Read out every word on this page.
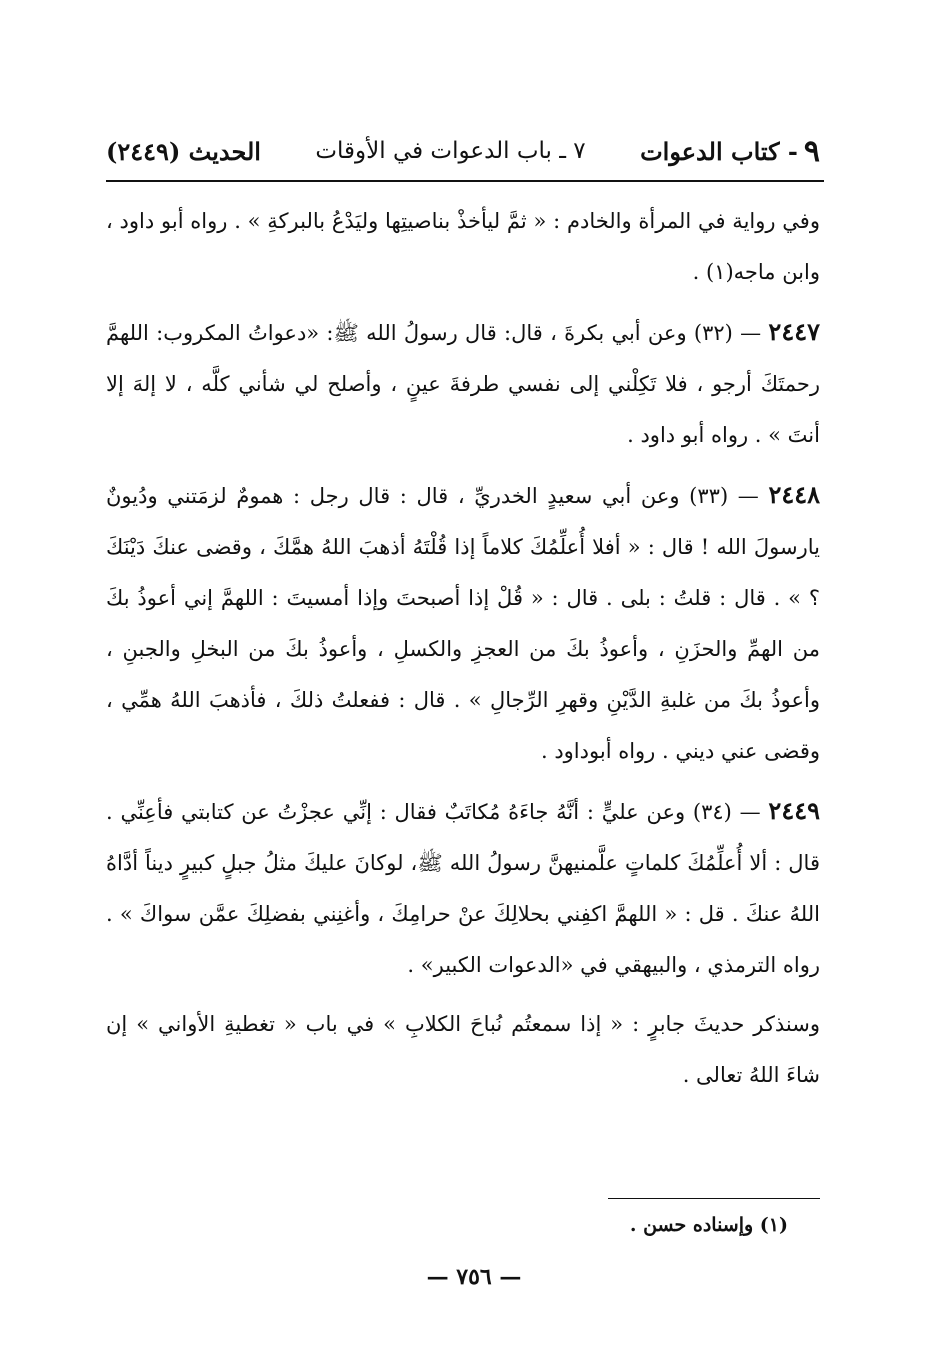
٩
- كتاب الدعوات
٧ ـ باب الدعوات في الأوقات
الحديث (٢٤٤٩)

وفي رواية في المرأة والخادم : « ثمَّ ليأخذْ بناصيتِها وليَدْعُ بالبركةِ » . رواه أبو داود ، وابن ماجه(١) .

٢٤٤٧ — (٣٢) وعن أبي بكرةَ ، قال: قال رسولُ الله ﷺ: «دعواتُ المكروب: اللهمَّ رحمتَكَ أرجو ، فلا تَكِلْني إلى نفسي طرفةَ عينٍ ، وأصلح لي شأني كلَّه ، لا إلهَ إلا أنتَ » . رواه أبو داود .

٢٤٤٨ — (٣٣) وعن أبي سعيدٍ الخدريِّ ، قال : قال رجل : همومٌ لزمَتني ودُيونٌ يارسولَ الله ! قال : « أفلا أُعلِّمُكَ كلاماً إذا قُلْتَهُ أذهبَ اللهُ همَّكَ ، وقضى عنكَ دَيْنَكَ ؟ » . قال : قلتُ : بلى . قال : « قُلْ إذا أصبحتَ وإذا أمسيتَ : اللهمَّ إني أعوذُ بكَ من الهمِّ والحزَنِ ، وأعوذُ بكَ من العجزِ والكسلِ ، وأعوذُ بكَ من البخلِ والجبنِ ، وأعوذُ بكَ من غلبةِ الدَّيْنِ وقهرِ الرِّجالِ » . قال : ففعلتُ ذلكَ ، فأذهبَ اللهُ همِّي ، وقضى عني ديني . رواه أبوداود .

٢٤٤٩ — (٣٤) وعن عليٍّ : أنَّهُ جاءَهُ مُكاتَبٌ فقال : إنِّي عجزْتُ عن كتابتي فأعِنِّي . قال : ألا أُعلِّمُكَ كلماتٍ علَّمنيهنَّ رسولُ الله ﷺ، لوكانَ عليكَ مثلُ جبلٍ كبيرٍ ديناً أدَّاهُ اللهُ عنكَ . قل : « اللهمَّ اكفِني بحلالِكَ عنْ حرامِكَ ، وأغنِني بفضلِكَ عمَّن سواكَ » . رواه الترمذي ، والبيهقي في «الدعوات الكبير» .

وسنذكر حديثَ جابرٍ : « إذا سمعتُم نُباحَ الكلابِ » في باب « تغطيةِ الأواني » إن شاءَ اللهُ تعالى .

(١) وإسناده حسن .
— ٧٥٦ —
